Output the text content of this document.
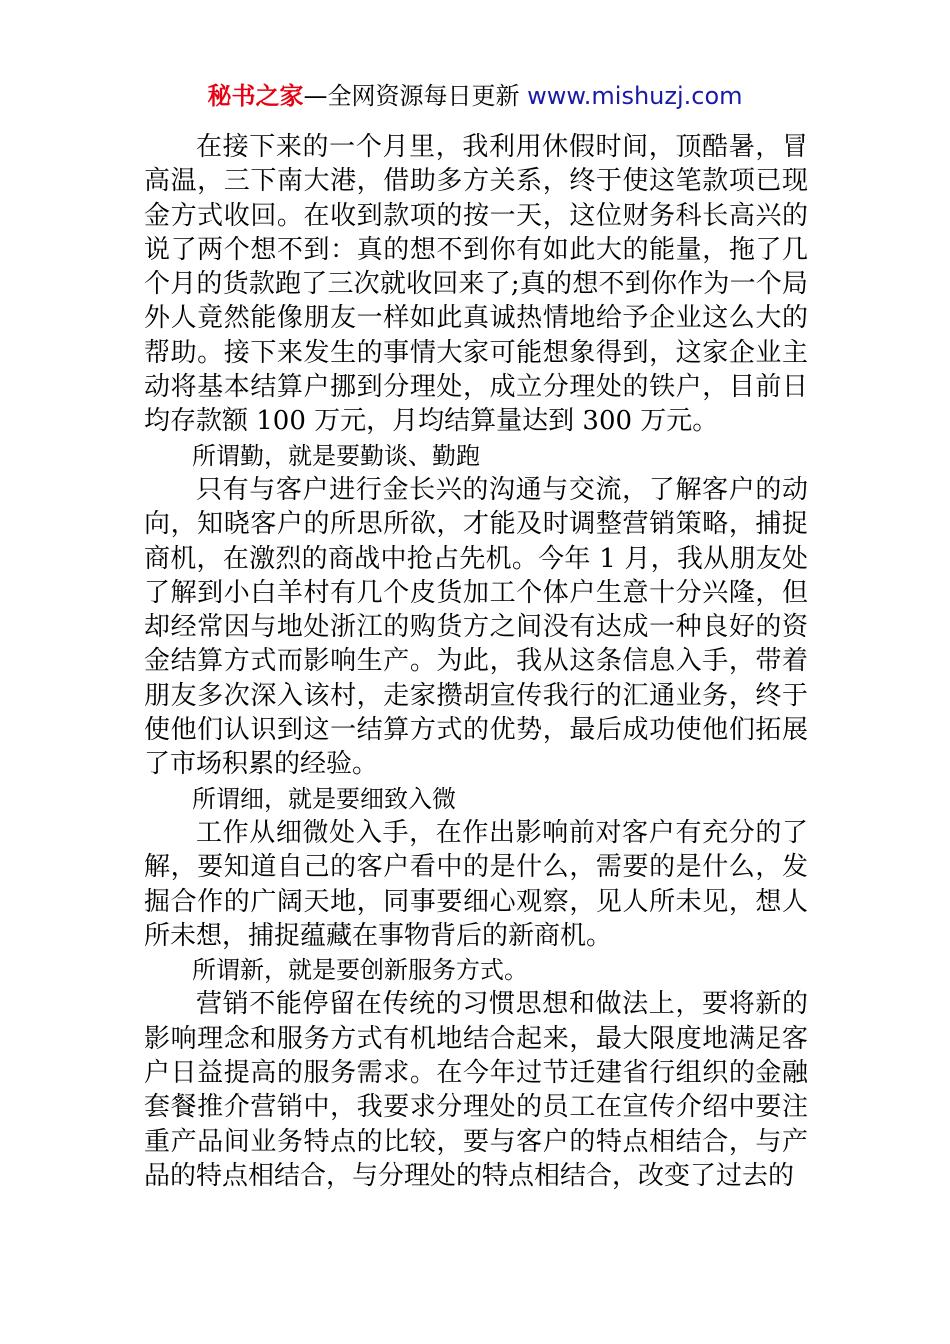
秘书之家—全网资源每日更新 www.mishuzj.com

在接下来的一个月里，我利用休假时间，顶酷暑，冒高温，三下南大港，借助多方关系，终于使这笔款项已现金方式收回。在收到款项的按一天，这位财务科长高兴的说了两个想不到：真的想不到你有如此大的能量，拖了几个月的货款跑了三次就收回来了;真的想不到你作为一个局外人竟然能像朋友一样如此真诚热情地给予企业这么大的帮助。接下来发生的事情大家可能想象得到，这家企业主动将基本结算户挪到分理处，成立分理处的铁户，目前日均存款额 100 万元，月均结算量达到 300 万元。

所谓勤，就是要勤谈、勤跑

只有与客户进行金长兴的沟通与交流，了解客户的动向，知晓客户的所思所欲，才能及时调整营销策略，捕捉商机，在激烈的商战中抢占先机。今年 1 月，我从朋友处了解到小白羊村有几个皮货加工个体户生意十分兴隆，但却经常因与地处浙江的购货方之间没有达成一种良好的资金结算方式而影响生产。为此，我从这条信息入手，带着朋友多次深入该村，走家攒胡宣传我行的汇通业务，终于使他们认识到这一结算方式的优势，最后成功使他们拓展了市场积累的经验。

所谓细，就是要细致入微

工作从细微处入手，在作出影响前对客户有充分的了解，要知道自己的客户看中的是什么，需要的是什么，发掘合作的广阔天地，同事要细心观察，见人所未见，想人所未想，捕捉蕴藏在事物背后的新商机。

所谓新，就是要创新服务方式。

营销不能停留在传统的习惯思想和做法上，要将新的影响理念和服务方式有机地结合起来，最大限度地满足客户日益提高的服务需求。在今年过节迁建省行组织的金融套餐推介营销中，我要求分理处的员工在宣传介绍中要注重产品间业务特点的比较，要与客户的特点相结合，与产品的特点相结合，与分理处的特点相结合，改变了过去的
